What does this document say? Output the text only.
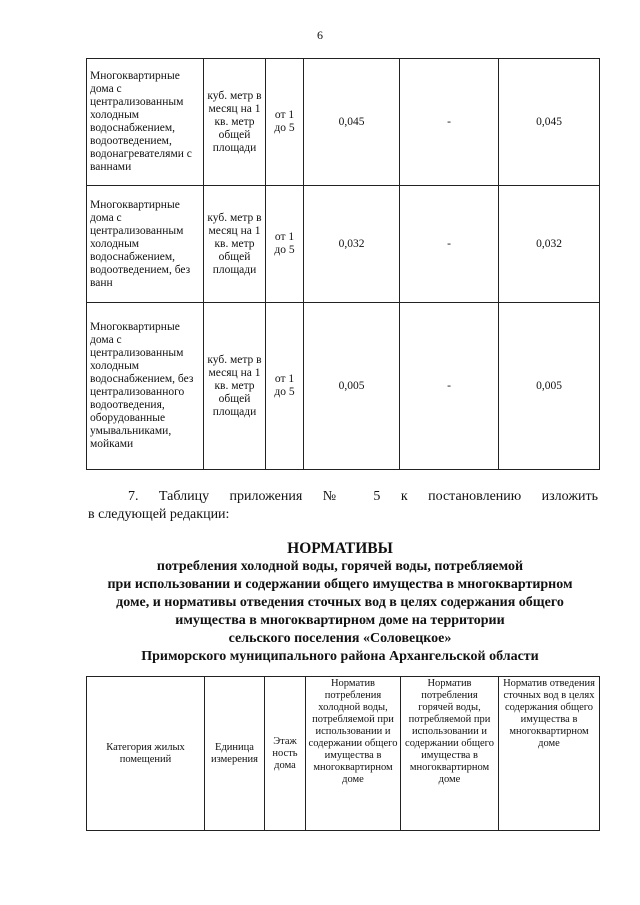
6
Многоквартирные дома с централизованным холодным водоснабжением, водоотведением, водонагревателями с ваннами	куб. метр в месяц на 1 кв. метр общей площади	от 1 до 5	0,045	-	0,045
Многоквартирные дома с централизованным холодным водоснабжением, водоотведением, без ванн	куб. метр в месяц на 1 кв. метр общей площади	от 1 до 5	0,032	-	0,032
Многоквартирные дома с централизованным холодным водоснабжением, без централизованного водоотведения, оборудованные умывальниками, мойками	куб. метр в месяц на 1 кв. метр общей площади	от 1 до 5	0,005	-	0,005
7. Таблицу приложения № 5 к постановлению изложить
в следующей редакции:
НОРМАТИВЫ
потребления холодной воды, горячей воды, потребляемой
при использовании и содержании общего имущества в многоквартирном
доме, и нормативы отведения сточных вод в целях содержания общего
имущества в многоквартирном доме на территории
сельского поселения «Соловецкое»
Приморского муниципального района Архангельской области
Категория жилых помещений	Единица измерения	Этаж ность дома	Норматив потребления холодной воды, потребляемой при использовании и содержании общего имущества в многоквартирном доме	Норматив потребления горячей воды, потребляемой при использовании и содержании общего имущества в многоквартирном доме	Норматив отведения сточных вод в целях содержания общего имущества в многоквартирном доме
